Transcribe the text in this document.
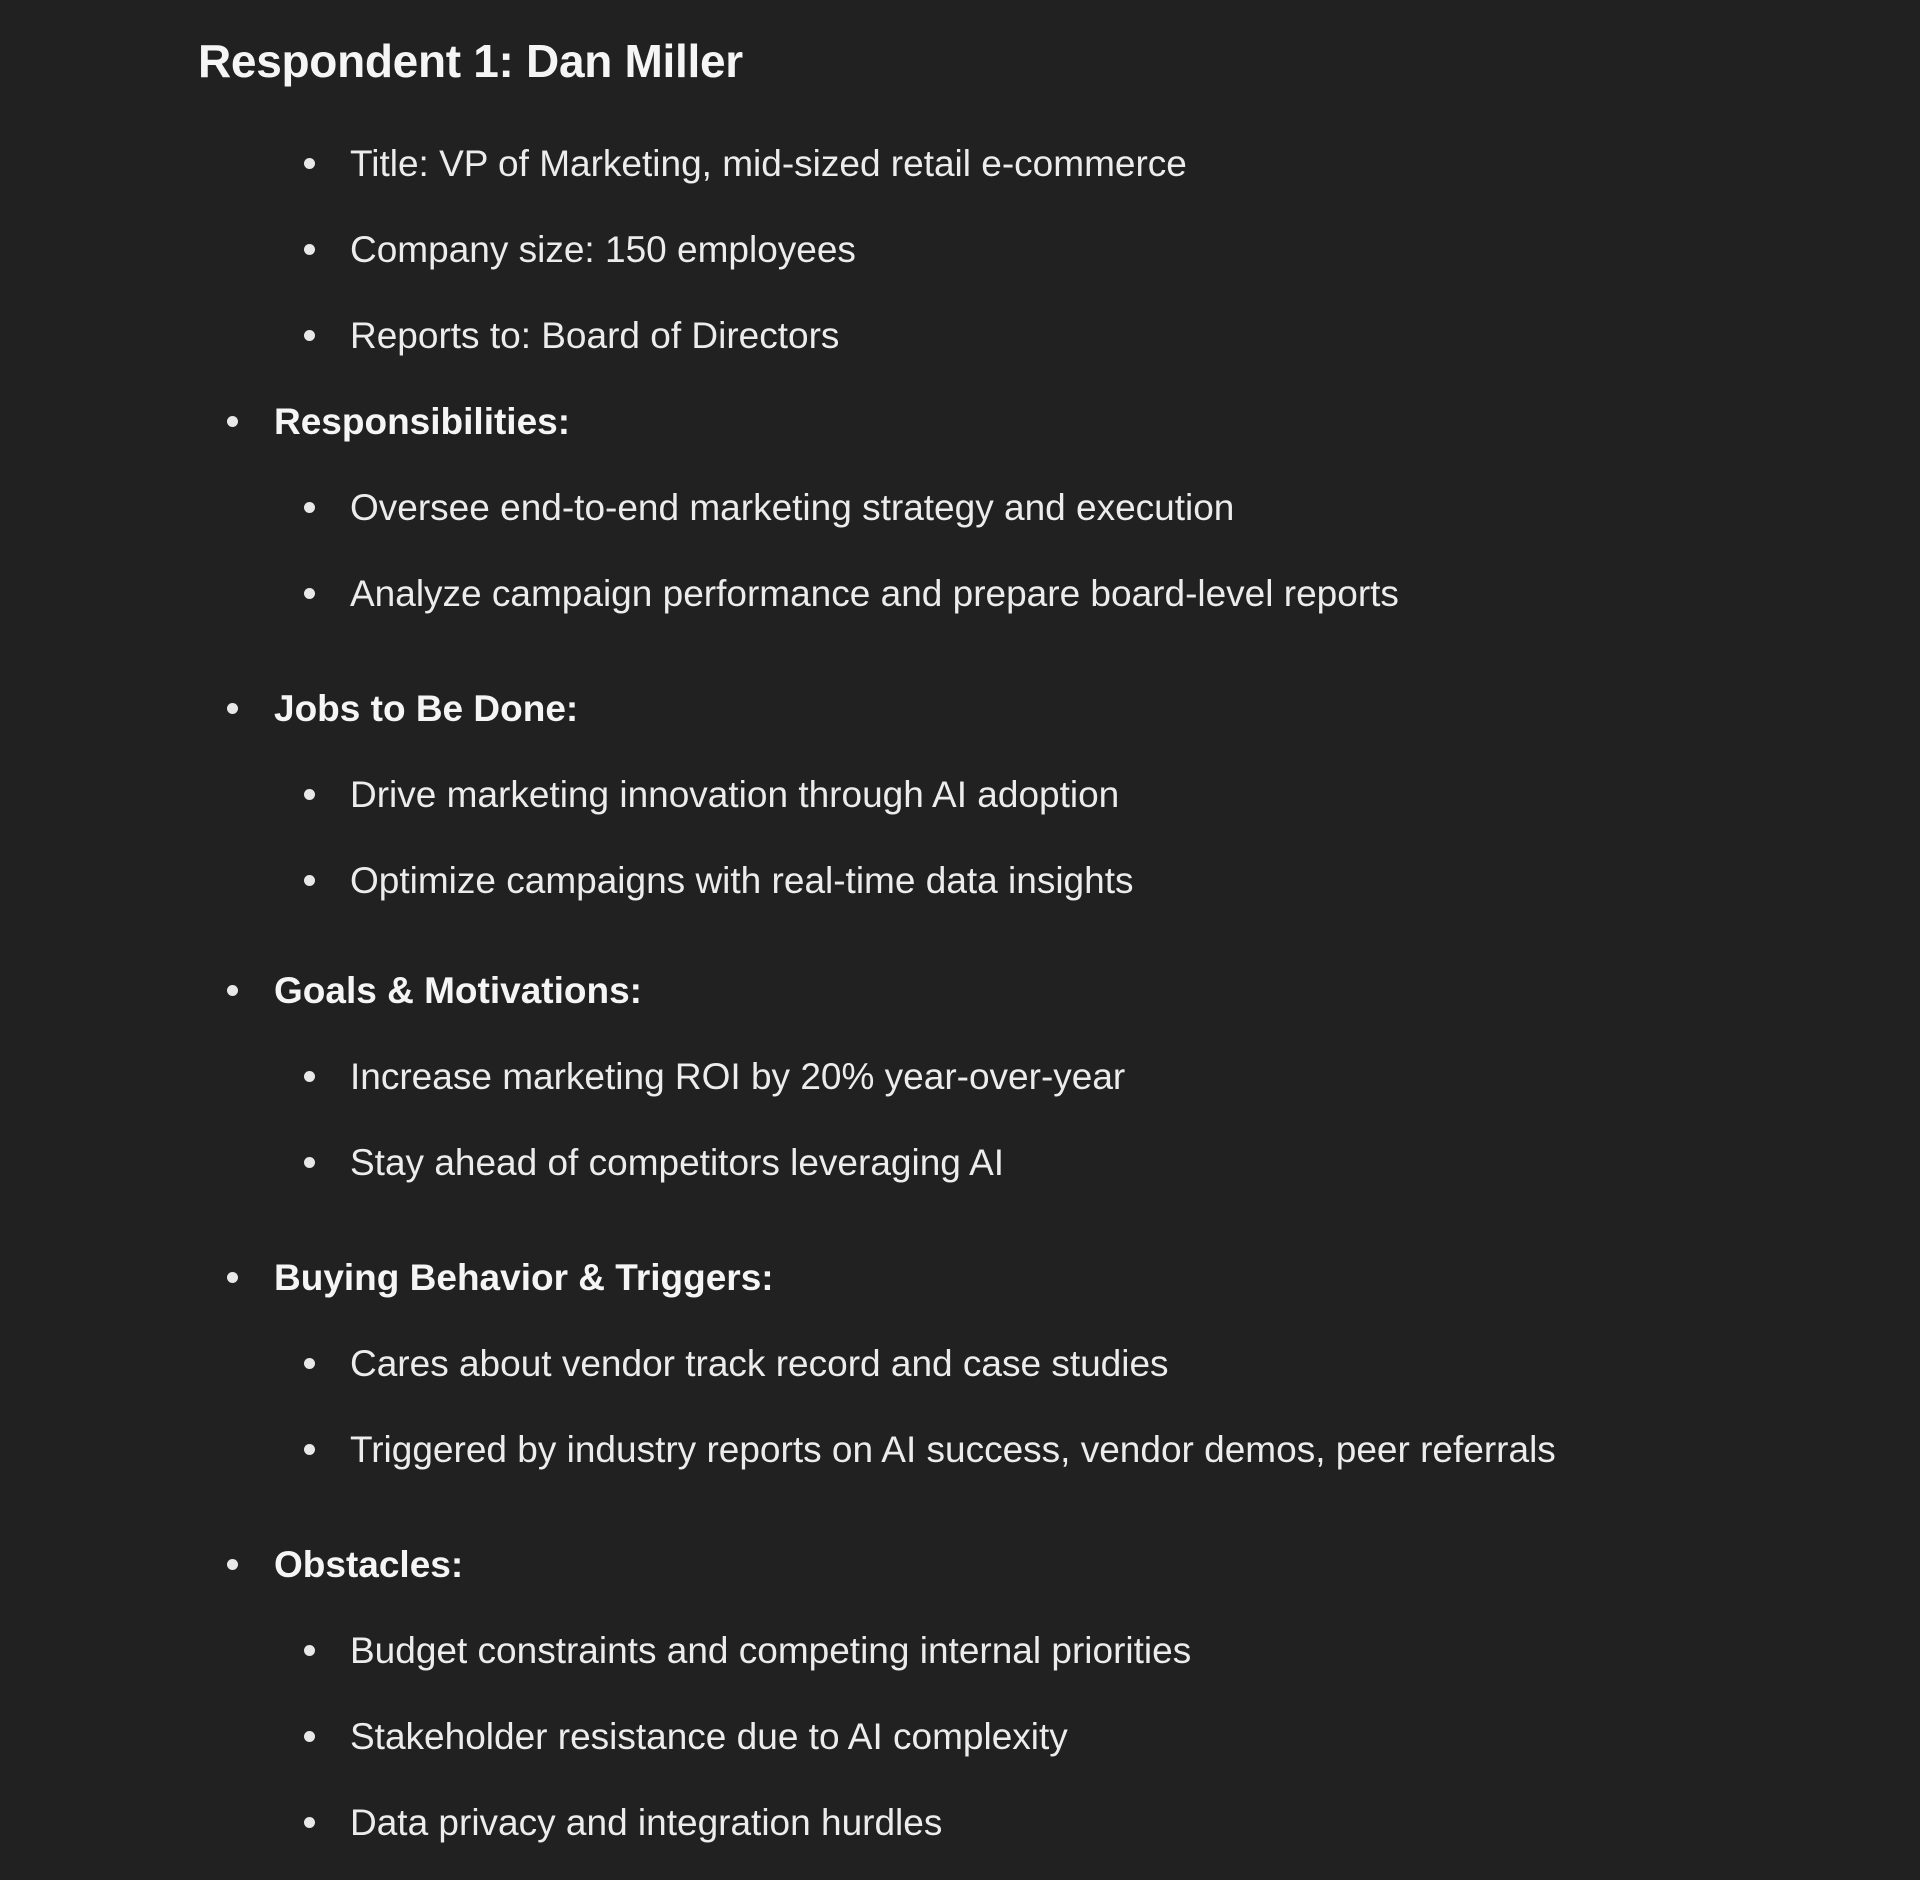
Respondent 1: Dan Miller

Title: VP of Marketing, mid-sized retail e-commerce

Company size: 150 employees

Reports to: Board of Directors

Responsibilities:

Oversee end-to-end marketing strategy and execution

Analyze campaign performance and prepare board-level reports

Jobs to Be Done:

Drive marketing innovation through AI adoption

Optimize campaigns with real-time data insights

Goals & Motivations:

Increase marketing ROI by 20% year-over-year

Stay ahead of competitors leveraging AI

Buying Behavior & Triggers:

Cares about vendor track record and case studies

Triggered by industry reports on AI success, vendor demos, peer referrals

Obstacles:

Budget constraints and competing internal priorities

Stakeholder resistance due to AI complexity

Data privacy and integration hurdles
